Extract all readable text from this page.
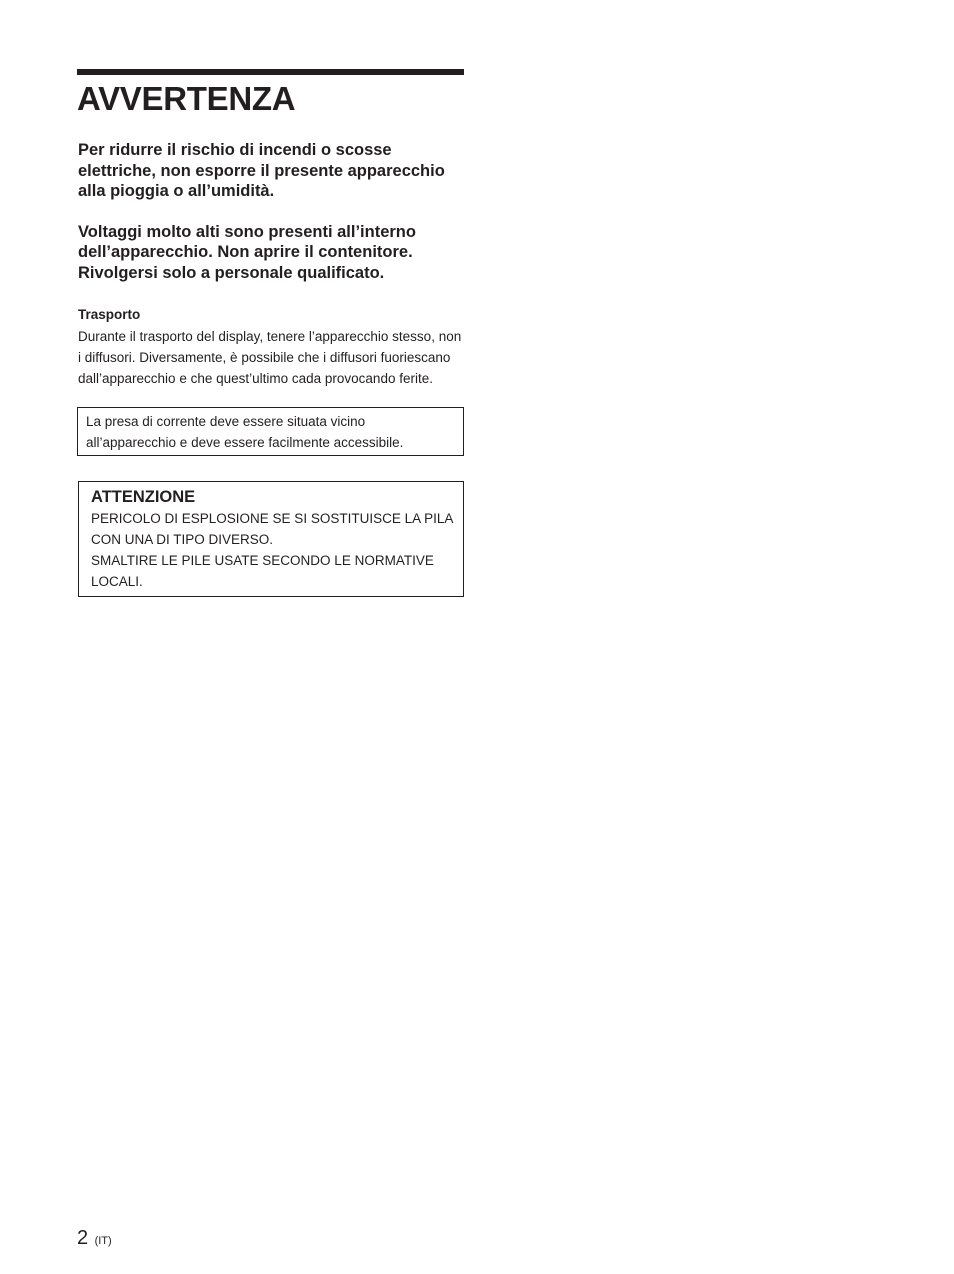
AVVERTENZA

Per ridurre il rischio di incendi o scosse elettriche, non esporre il presente apparecchio alla pioggia o all’umidità.

Voltaggi molto alti sono presenti all’interno dell’apparecchio. Non aprire il contenitore. Rivolgersi solo a personale qualificato.

Trasporto

Durante il trasporto del display, tenere l’apparecchio stesso, non i diffusori. Diversamente, è possibile che i diffusori fuoriescano dall’apparecchio e che quest’ultimo cada provocando ferite.

La presa di corrente deve essere situata vicino all’apparecchio e deve essere facilmente accessibile.
ATTENZIONE
PERICOLO DI ESPLOSIONE SE SI SOSTITUISCE LA PILA CON UNA DI TIPO DIVERSO.
SMALTIRE LE PILE USATE SECONDO LE NORMATIVE LOCALI.
2 (IT)
